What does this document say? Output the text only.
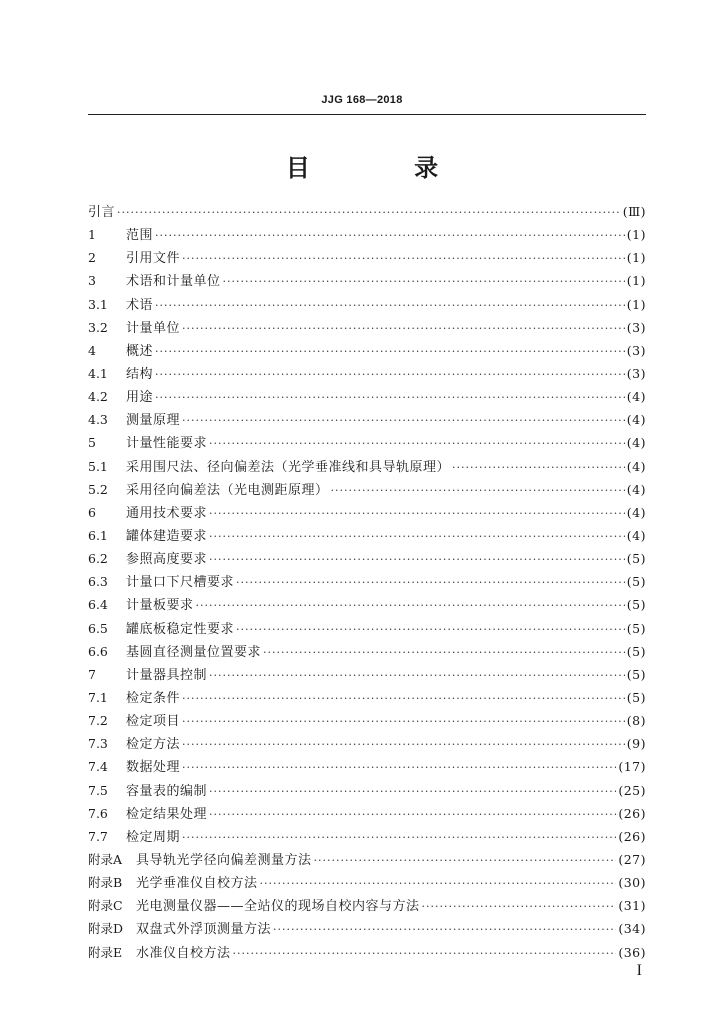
JJG 168—2018
目 录
引言 ·····	(Ⅲ)
1	范围 ·····	(1)
2	引用文件 ·····	(1)
3	术语和计量单位 ·····	(1)
3.1	术语 ·····	(1)
3.2	计量单位 ·····	(3)
4	概述 ·····	(3)
4.1	结构 ·····	(3)
4.2	用途 ·····	(4)
4.3	测量原理 ·····	(4)
5	计量性能要求 ·····	(4)
5.1	采用围尺法、径向偏差法（光学垂准线和具导轨原理） ·····	(4)
5.2	采用径向偏差法（光电测距原理） ·····	(4)
6	通用技术要求 ·····	(4)
6.1	罐体建造要求 ·····	(4)
6.2	参照高度要求 ·····	(5)
6.3	计量口下尺槽要求 ·····	(5)
6.4	计量板要求 ·····	(5)
6.5	罐底板稳定性要求 ·····	(5)
6.6	基圆直径测量位置要求 ·····	(5)
7	计量器具控制 ·····	(5)
7.1	检定条件 ·····	(5)
7.2	检定项目 ·····	(8)
7.3	检定方法 ·····	(9)
7.4	数据处理 ·····	(17)
7.5	容量表的编制 ·····	(25)
7.6	检定结果处理 ·····	(26)
7.7	检定周期 ·····	(26)
附录A	具导轨光学径向偏差测量方法 ·····	(27)
附录B	光学垂准仪自校方法 ·····	(30)
附录C	光电测量仪器——全站仪的现场自校内容与方法 ·····	(31)
附录D 双盘式外浮顶测量方法 ·····	(34)
附录E	水准仪自校方法 ·····	(36)
I
